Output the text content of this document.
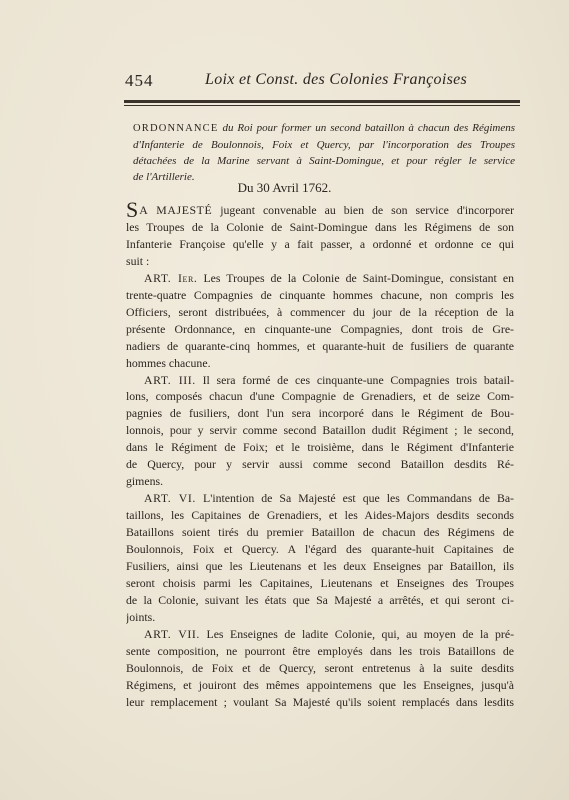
454	Loix et Const. des Colonies Françoises
ORDONNANCE du Roi pour former un second bataillon à chacun des Régimens
d'Infanterie de Boulonnois, Foix et Quercy, par l'incorporation des Troupes
détachées de la Marine servant à Saint-Domingue, et pour régler le service
de l'Artillerie.
Du 30 Avril 1762.
SA MAJESTÉ jugeant convenable au bien de son service d'incorporer
les Troupes de la Colonie de Saint-Domingue dans les Régimens de son
Infanterie Françoise qu'elle y a fait passer, a ordonné et ordonne ce qui
suit :
ART. Ier. Les Troupes de la Colonie de Saint-Domingue, consistant en
trente-quatre Compagnies de cinquante hommes chacune, non compris les
Officiers, seront distribuées, à commencer du jour de la réception de la
présente Ordonnance, en cinquante-une Compagnies, dont trois de Gre-
nadiers de quarante-cinq hommes, et quarante-huit de fusiliers de quarante
hommes chacune.
ART. III. Il sera formé de ces cinquante-une Compagnies trois batail-
lons, composés chacun d'une Compagnie de Grenadiers, et de seize Com-
pagnies de fusiliers, dont l'un sera incorporé dans le Régiment de Bou-
lonnois, pour y servir comme second Bataillon dudit Régiment ; le second,
dans le Régiment de Foix; et le troisième, dans le Régiment d'Infanterie
de Quercy, pour y servir aussi comme second Bataillon desdits Ré-
gimens.
ART. VI. L'intention de Sa Majesté est que les Commandans de Ba-
taillons, les Capitaines de Grenadiers, et les Aides-Majors desdits seconds
Bataillons soient tirés du premier Bataillon de chacun des Régimens de
Boulonnois, Foix et Quercy. A l'égard des quarante-huit Capitaines de
Fusiliers, ainsi que les Lieutenans et les deux Enseignes par Bataillon, ils
seront choisis parmi les Capitaines, Lieutenans et Enseignes des Troupes
de la Colonie, suivant les états que Sa Majesté a arrêtés, et qui seront ci-
joints.
ART. VII. Les Enseignes de ladite Colonie, qui, au moyen de la pré-
sente composition, ne pourront être employés dans les trois Bataillons de
Boulonnois, de Foix et de Quercy, seront entretenus à la suite desdits
Régimens, et jouiront des mêmes appointemens que les Enseignes, jusqu'à
leur remplacement ; voulant Sa Majesté qu'ils soient remplacés dans lesdits
